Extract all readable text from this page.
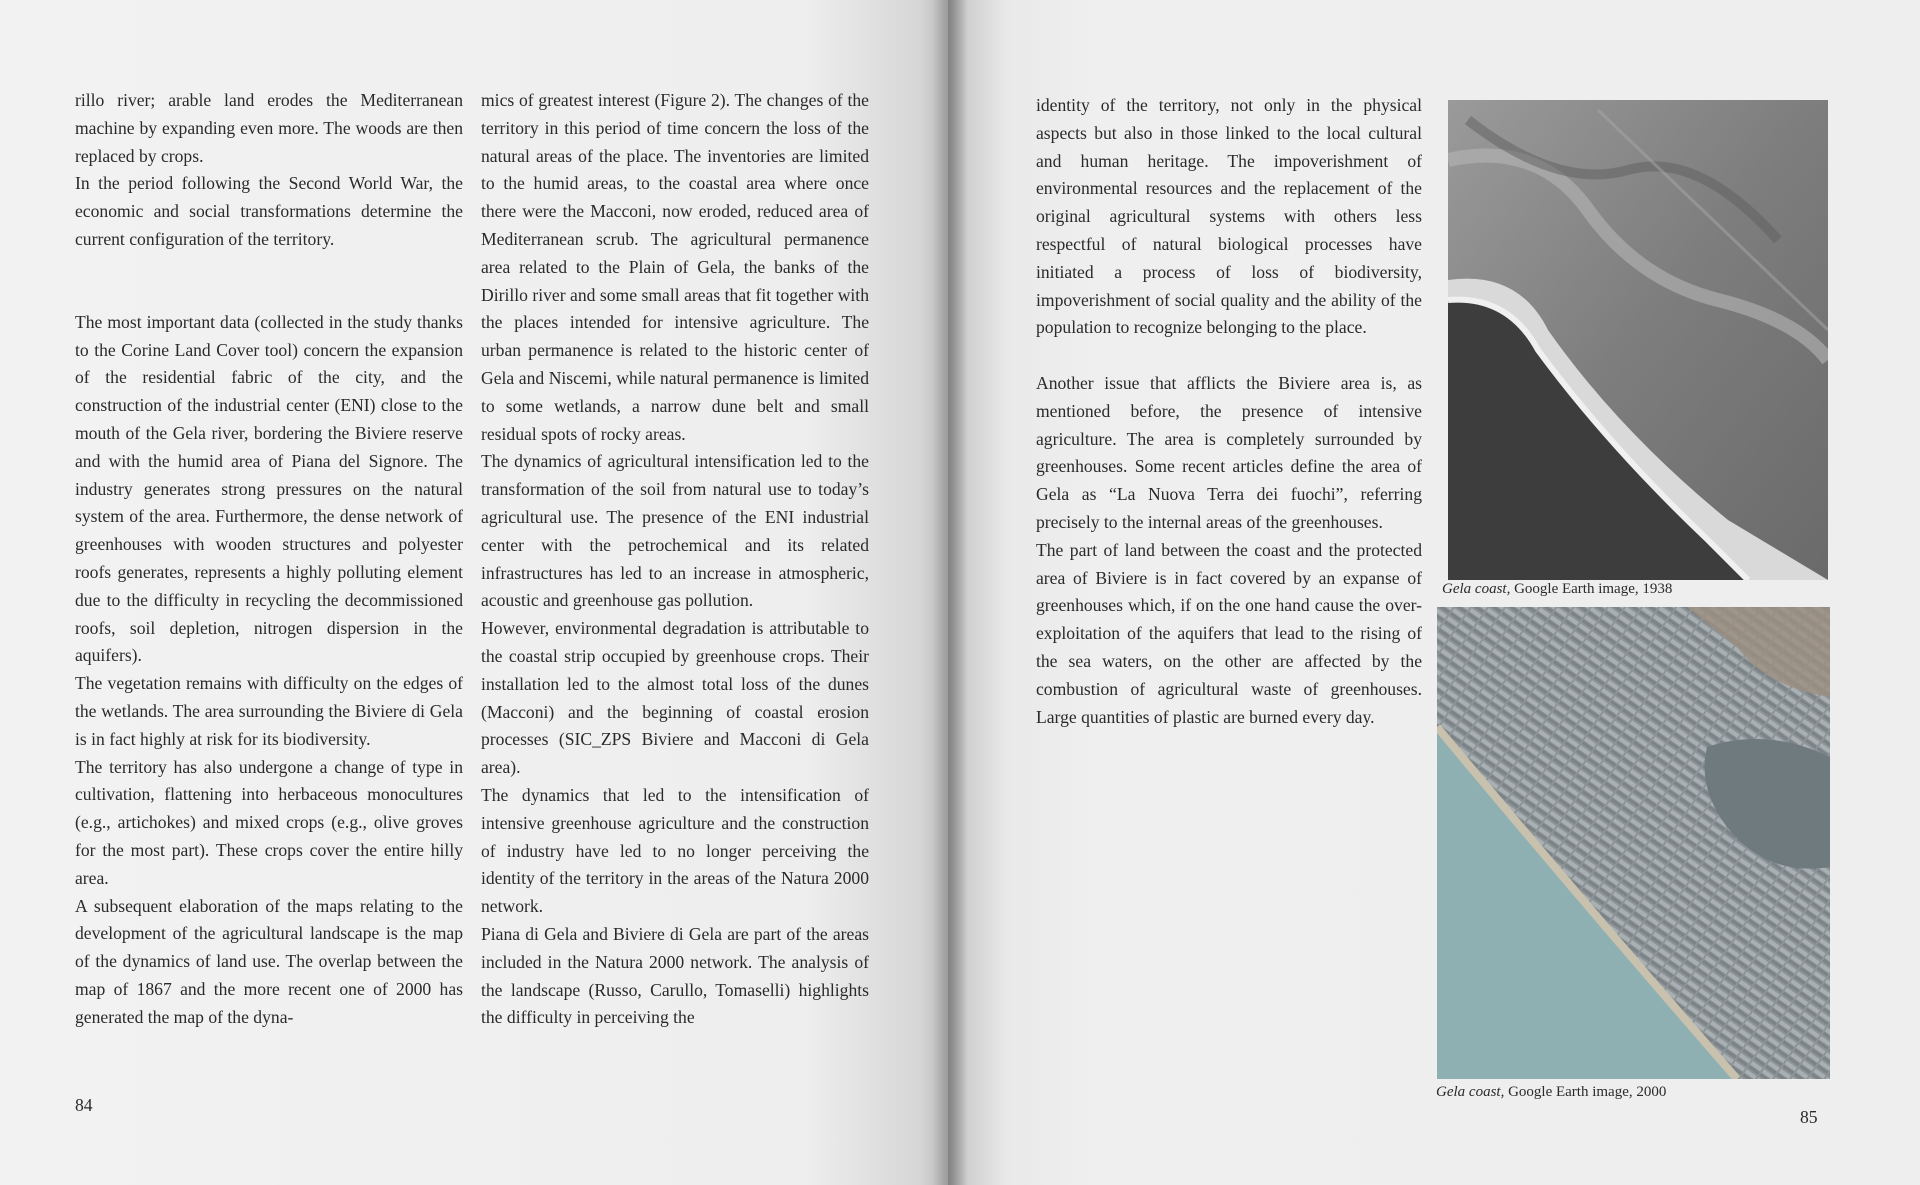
rillo river; arable land erodes the Mediterranean machine by expanding even more. The woods are then replaced by crops.

In the period following the Second World War, the economic and social transformations determine the current configuration of the territory.

The most important data (collected in the study thanks to the Corine Land Cover tool) concern the expansion of the residential fabric of the city, and the construction of the industrial center (ENI) close to the mouth of the Gela river, bordering the Biviere reserve and with the humid area of Piana del Signore. The industry generates strong pressures on the natural system of the area. Furthermore, the dense network of greenhouses with wooden structures and polyester roofs generates, represents a highly polluting element due to the difficulty in recycling the decommissioned roofs, soil depletion, nitrogen dispersion in the aquifers).

The vegetation remains with difficulty on the edges of the wetlands. The area surrounding the Biviere di Gela is in fact highly at risk for its biodiversity.

The territory has also undergone a change of type in cultivation, flattening into herbaceous monocultures (e.g., artichokes) and mixed crops (e.g., olive groves for the most part). These crops cover the entire hilly area.

A subsequent elaboration of the maps relating to the development of the agricultural landscape is the map of the dynamics of land use. The overlap between the map of 1867 and the more recent one of 2000 has generated the map of the dyna-

mics of greatest interest (Figure 2). The changes of the territory in this period of time concern the loss of the natural areas of the place. The inventories are limited to the humid areas, to the coastal area where once there were the Macconi, now eroded, reduced area of Mediterranean scrub. The agricultural permanence area related to the Plain of Gela, the banks of the Dirillo river and some small areas that fit together with the places intended for intensive agriculture. The urban permanence is related to the historic center of Gela and Niscemi, while natural permanence is limited to some wetlands, a narrow dune belt and small residual spots of rocky areas.

The dynamics of agricultural intensification led to the transformation of the soil from natural use to today’s agricultural use. The presence of the ENI industrial center with the petrochemical and its related infrastructures has led to an increase in atmospheric, acoustic and greenhouse gas pollution.

However, environmental degradation is attributable to the coastal strip occupied by greenhouse crops. Their installation led to the almost total loss of the dunes (Macconi) and the beginning of coastal erosion processes (SIC_ZPS Biviere and Macconi di Gela area).

The dynamics that led to the intensification of intensive greenhouse agriculture and the construction of industry have led to no longer perceiving the identity of the territory in the areas of the Natura 2000 network.

Piana di Gela and Biviere di Gela are part of the areas included in the Natura 2000 network. The analysis of the landscape (Russo, Carullo, Tomaselli) highlights the difficulty in perceiving the

84

identity of the territory, not only in the physical aspects but also in those linked to the local cultural and human heritage. The impoverishment of environmental resources and the replacement of the original agricultural systems with others less respectful of natural biological processes have initiated a process of loss of biodiversity, impoverishment of social quality and the ability of the population to recognize belonging to the place.

Another issue that afflicts the Biviere area is, as mentioned before, the presence of intensive agriculture. The area is completely surrounded by greenhouses. Some recent articles define the area of Gela as “La Nuova Terra dei fuochi”, referring precisely to the internal areas of the greenhouses.

The part of land between the coast and the protected area of Biviere is in fact covered by an expanse of greenhouses which, if on the one hand cause the over-exploitation of the aquifers that lead to the rising of the sea waters, on the other are affected by the combustion of agricultural waste of greenhouses. Large quantities of plastic are burned every day.

Gela coast, Google Earth image, 1938
Gela coast, Google Earth image, 2000
85
